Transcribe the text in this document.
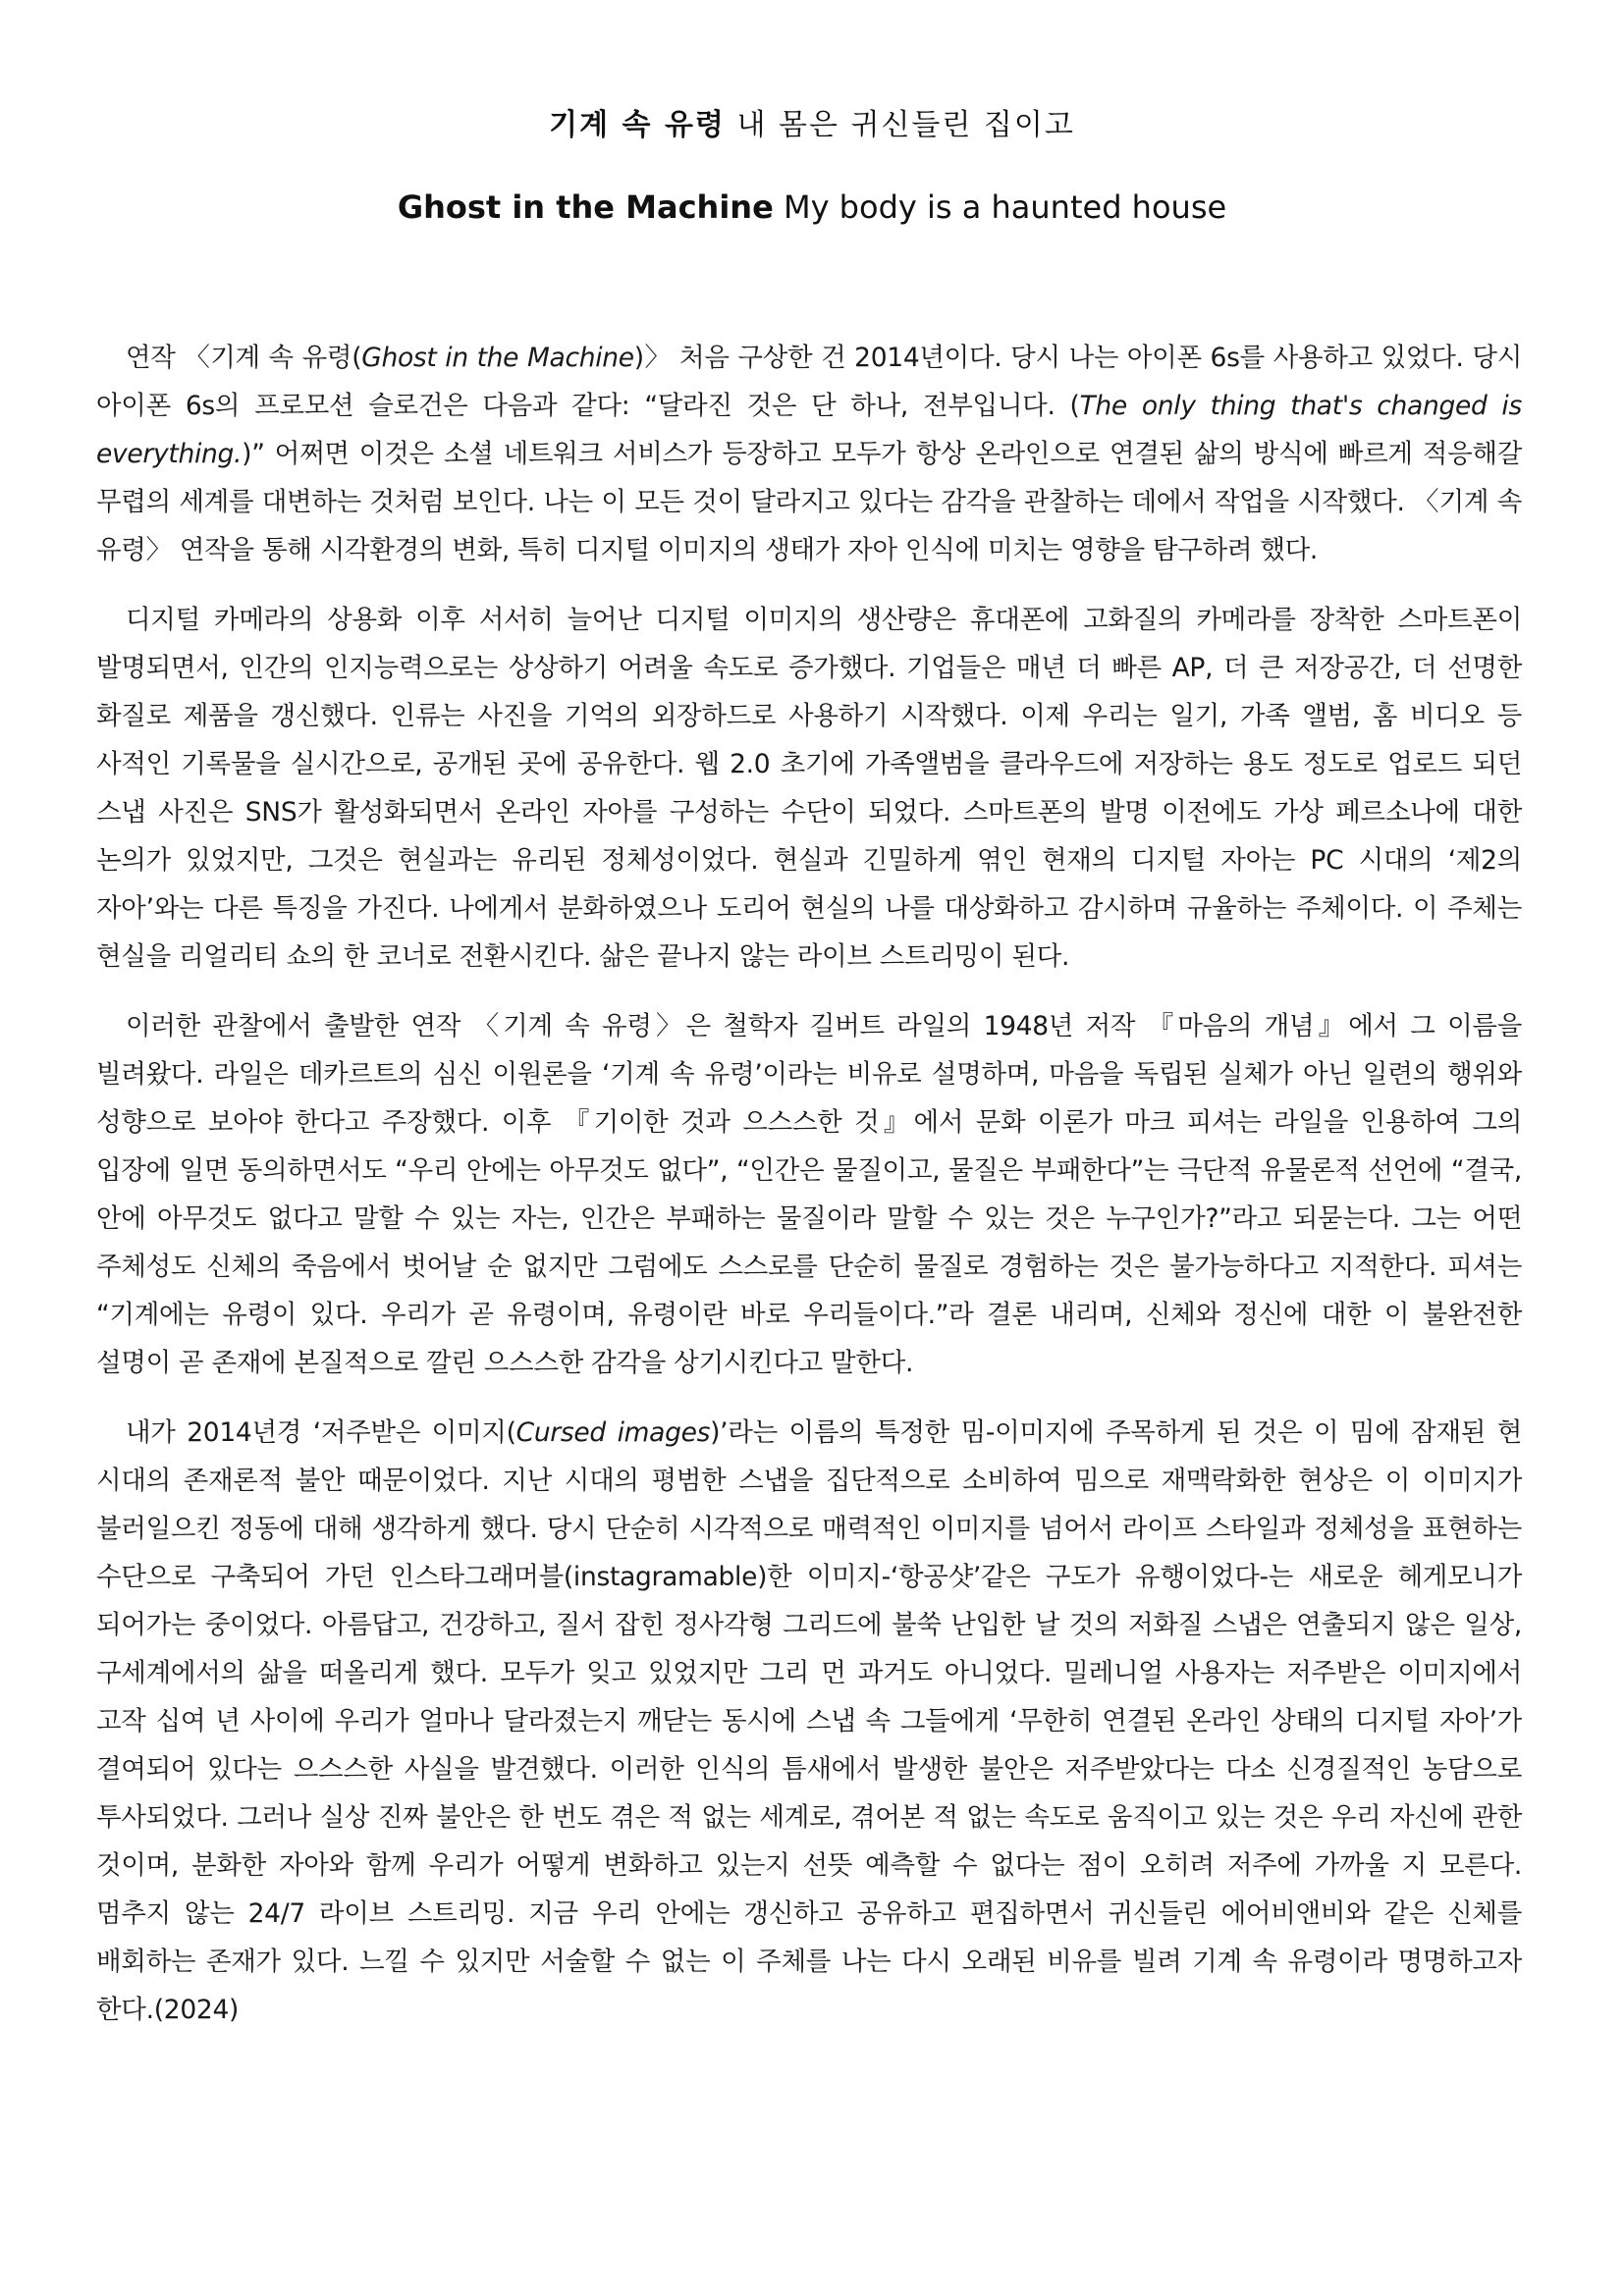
기계 속 유령 내 몸은 귀신들린 집이고
Ghost in the Machine My body is a haunted house

연작 〈기계 속 유령(Ghost in the Machine)〉 처음 구상한 건 2014년이다. 당시 나는 아이폰 6s를 사용하고 있었다. 당시 아이폰 6s의 프로모션 슬로건은 다음과 같다: “달라진 것은 단 하나, 전부입니다. (The only thing that's changed is everything.)” 어쩌면 이것은 소셜 네트워크 서비스가 등장하고 모두가 항상 온라인으로 연결된 삶의 방식에 빠르게 적응해갈 무렵의 세계를 대변하는 것처럼 보인다. 나는 이 모든 것이 달라지고 있다는 감각을 관찰하는 데에서 작업을 시작했다. 〈기계 속 유령〉 연작을 통해 시각환경의 변화, 특히 디지털 이미지의 생태가 자아 인식에 미치는 영향을 탐구하려 했다.

디지털 카메라의 상용화 이후 서서히 늘어난 디지털 이미지의 생산량은 휴대폰에 고화질의 카메라를 장착한 스마트폰이 발명되면서, 인간의 인지능력으로는 상상하기 어려울 속도로 증가했다. 기업들은 매년 더 빠른 AP, 더 큰 저장공간, 더 선명한 화질로 제품을 갱신했다. 인류는 사진을 기억의 외장하드로 사용하기 시작했다. 이제 우리는 일기, 가족 앨범, 홈 비디오 등 사적인 기록물을 실시간으로, 공개된 곳에 공유한다. 웹 2.0 초기에 가족앨범을 클라우드에 저장하는 용도 정도로 업로드 되던 스냅 사진은 SNS가 활성화되면서 온라인 자아를 구성하는 수단이 되었다. 스마트폰의 발명 이전에도 가상 페르소나에 대한 논의가 있었지만, 그것은 현실과는 유리된 정체성이었다. 현실과 긴밀하게 엮인 현재의 디지털 자아는 PC 시대의 ‘제2의 자아’와는 다른 특징을 가진다. 나에게서 분화하였으나 도리어 현실의 나를 대상화하고 감시하며 규율하는 주체이다. 이 주체는 현실을 리얼리티 쇼의 한 코너로 전환시킨다. 삶은 끝나지 않는 라이브 스트리밍이 된다.

이러한 관찰에서 출발한 연작 〈기계 속 유령〉은 철학자 길버트 라일의 1948년 저작 『마음의 개념』에서 그 이름을 빌려왔다. 라일은 데카르트의 심신 이원론을 ‘기계 속 유령’이라는 비유로 설명하며, 마음을 독립된 실체가 아닌 일련의 행위와 성향으로 보아야 한다고 주장했다. 이후 『기이한 것과 으스스한 것』에서 문화 이론가 마크 피셔는 라일을 인용하여 그의 입장에 일면 동의하면서도 “우리 안에는 아무것도 없다”, “인간은 물질이고, 물질은 부패한다”는 극단적 유물론적 선언에 “결국, 안에 아무것도 없다고 말할 수 있는 자는, 인간은 부패하는 물질이라 말할 수 있는 것은 누구인가?”라고 되묻는다. 그는 어떤 주체성도 신체의 죽음에서 벗어날 순 없지만 그럼에도 스스로를 단순히 물질로 경험하는 것은 불가능하다고 지적한다. 피셔는 “기계에는 유령이 있다. 우리가 곧 유령이며, 유령이란 바로 우리들이다.”라 결론 내리며, 신체와 정신에 대한 이 불완전한 설명이 곧 존재에 본질적으로 깔린 으스스한 감각을 상기시킨다고 말한다.

내가 2014년경 ‘저주받은 이미지(Cursed images)’라는 이름의 특정한 밈-이미지에 주목하게 된 것은 이 밈에 잠재된 현 시대의 존재론적 불안 때문이었다. 지난 시대의 평범한 스냅을 집단적으로 소비하여 밈으로 재맥락화한 현상은 이 이미지가 불러일으킨 정동에 대해 생각하게 했다. 당시 단순히 시각적으로 매력적인 이미지를 넘어서 라이프 스타일과 정체성을 표현하는 수단으로 구축되어 가던 인스타그래머블(instagramable)한 이미지-‘항공샷’같은 구도가 유행이었다-는 새로운 헤게모니가 되어가는 중이었다. 아름답고, 건강하고, 질서 잡힌 정사각형 그리드에 불쑥 난입한 날 것의 저화질 스냅은 연출되지 않은 일상, 구세계에서의 삶을 떠올리게 했다. 모두가 잊고 있었지만 그리 먼 과거도 아니었다. 밀레니얼 사용자는 저주받은 이미지에서 고작 십여 년 사이에 우리가 얼마나 달라졌는지 깨닫는 동시에 스냅 속 그들에게 ‘무한히 연결된 온라인 상태의 디지털 자아’가 결여되어 있다는 으스스한 사실을 발견했다. 이러한 인식의 틈새에서 발생한 불안은 저주받았다는 다소 신경질적인 농담으로 투사되었다. 그러나 실상 진짜 불안은 한 번도 겪은 적 없는 세계로, 겪어본 적 없는 속도로 움직이고 있는 것은 우리 자신에 관한 것이며, 분화한 자아와 함께 우리가 어떻게 변화하고 있는지 선뜻 예측할 수 없다는 점이 오히려 저주에 가까울 지 모른다. 멈추지 않는 24/7 라이브 스트리밍. 지금 우리 안에는 갱신하고 공유하고 편집하면서 귀신들린 에어비앤비와 같은 신체를 배회하는 존재가 있다. 느낄 수 있지만 서술할 수 없는 이 주체를 나는 다시 오래된 비유를 빌려 기계 속 유령이라 명명하고자 한다.(2024)
